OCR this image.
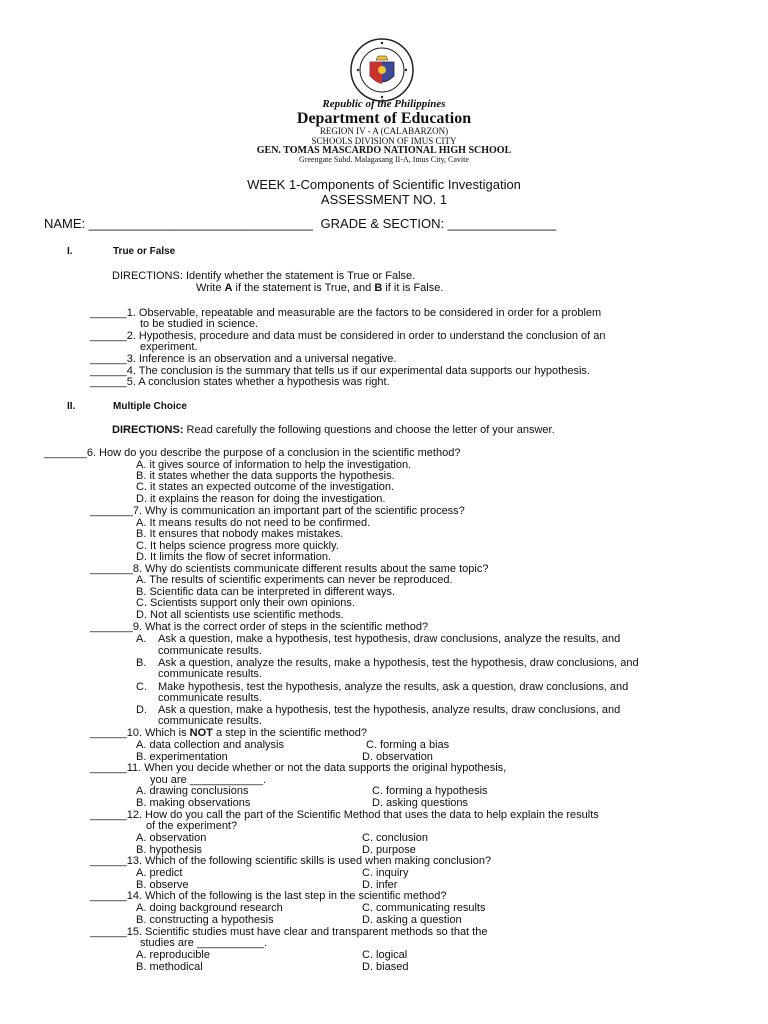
Republic of the Philippines
Department of Education
REGION IV - A (CALABARZON)
SCHOOLS DIVISION OF IMUS CITY
GEN. TOMAS MASCARDO NATIONAL HIGH SCHOOL
Greengate Subd. Malagasang II-A, Imus City, Cavite
WEEK 1-Components of Scientific Investigation
ASSESSMENT NO. 1
NAME: _______________________________ GRADE & SECTION: _______________
I.	True or False
DIRECTIONS: Identify whether the statement is True or False.
Write A if the statement is True, and B if it is False.
______1. Observable, repeatable and measurable are the factors to be considered in order for a problem
to be studied in science.
______2. Hypothesis, procedure and data must be considered in order to understand the conclusion of an
experiment.
______3. Inference is an observation and a universal negative.
______4. The conclusion is the summary that tells us if our experimental data supports our hypothesis.
______5. A conclusion states whether a hypothesis was right.
II.	Multiple Choice
DIRECTIONS: Read carefully the following questions and choose the letter of your answer.
_______6. How do you describe the purpose of a conclusion in the scientific method?
A. it gives source of information to help the investigation.
B. it states whether the data supports the hypothesis.
C. it states an expected outcome of the investigation.
D. it explains the reason for doing the investigation.
_______7. Why is communication an important part of the scientific process?
A. It means results do not need to be confirmed.
B. It ensures that nobody makes mistakes.
C. It helps science progress more quickly.
D. It limits the flow of secret information.
_______8. Why do scientists communicate different results about the same topic?
A. The results of scientific experiments can never be reproduced.
B. Scientific data can be interpreted in different ways.
C. Scientists support only their own opinions.
D. Not all scientists use scientific methods.
_______9. What is the correct order of steps in the scientific method?
A. Ask a question, make a hypothesis, test hypothesis, draw conclusions, analyze the results, and
communicate results.
B. Ask a question, analyze the results, make a hypothesis, test the hypothesis, draw conclusions, and
communicate results.
C. Make hypothesis, test the hypothesis, analyze the results, ask a question, draw conclusions, and
communicate results.
D. Ask a question, make a hypothesis, test the hypothesis, analyze results, draw conclusions, and
communicate results.
______10. Which is NOT a step in the scientific method?
A. data collection and analysis	C. forming a bias
B. experimentation	D. observation
______11. When you decide whether or not the data supports the original hypothesis,
you are ____________.
A. drawing conclusions	C. forming a hypothesis
B. making observations	D. asking questions
______12. How do you call the part of the Scientific Method that uses the data to help explain the results
of the experiment?
A. observation	C. conclusion
B. hypothesis	D. purpose
______13. Which of the following scientific skills is used when making conclusion?
A. predict	C. inquiry
B. observe	D. infer
______14. Which of the following is the last step in the scientific method?
A. doing background research	C. communicating results
B. constructing a hypothesis	D. asking a question
______15. Scientific studies must have clear and transparent methods so that the
studies are ___________.
A. reproducible	C. logical
B. methodical	D. biased
